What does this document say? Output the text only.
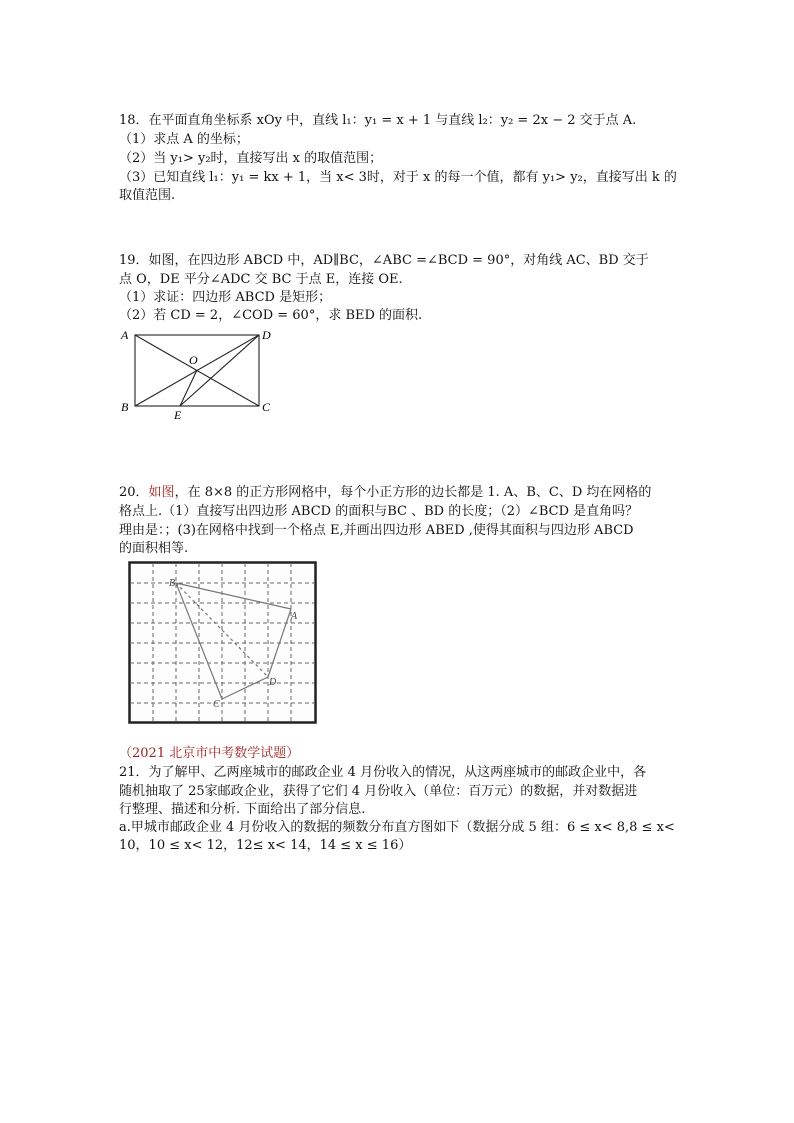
18．在平面直角坐标系 xOy 中，直线 l₁：y₁ = x + 1 与直线 l₂：y₂ = 2x − 2 交于点 A.
（1）求点 A 的坐标；
（2）当 y₁> y₂时，直接写出 x 的取值范围；
（3）已知直线 l₁：y₁ = kx + 1，当 x< 3时，对于 x 的每一个值，都有 y₁> y₂，直接写出 k 的
取值范围.
19．如图，在四边形 ABCD 中，AD∥BC，∠ABC =∠BCD = 90°，对角线 AC、BD 交于
点 O，DE 平分∠ADC 交 BC 于点 E，连接 OE.
（1）求证：四边形 ABCD 是矩形；
（2）若 CD = 2，∠COD = 60°，求 BED 的面积.
A	D
B	C
O
E
20．如图，在 8×8 的正方形网格中，每个小正方形的边长都是 1. A、B、C、D 均在网格的
格点上.（1）直接写出四边形 ABCD 的面积与BC 、BD 的长度；（2）∠BCD 是直角吗？
理由是：；(3)在网格中找到一个格点 E,并画出四边形 ABED ,使得其面积与四边形 ABCD
的面积相等.
B
A
D
C
（2021 北京市中考数学试题）
21．为了解甲、乙两座城市的邮政企业 4 月份收入的情况，从这两座城市的邮政企业中，各
随机抽取了 25家邮政企业，获得了它们 4 月份收入（单位：百万元）的数据，并对数据进
行整理、描述和分析. 下面给出了部分信息.
a.甲城市邮政企业 4 月份收入的数据的频数分布直方图如下（数据分成 5 组：6 ≤ x< 8,8 ≤ x<
10，10 ≤ x< 12，12≤ x< 14，14 ≤ x ≤ 16）
